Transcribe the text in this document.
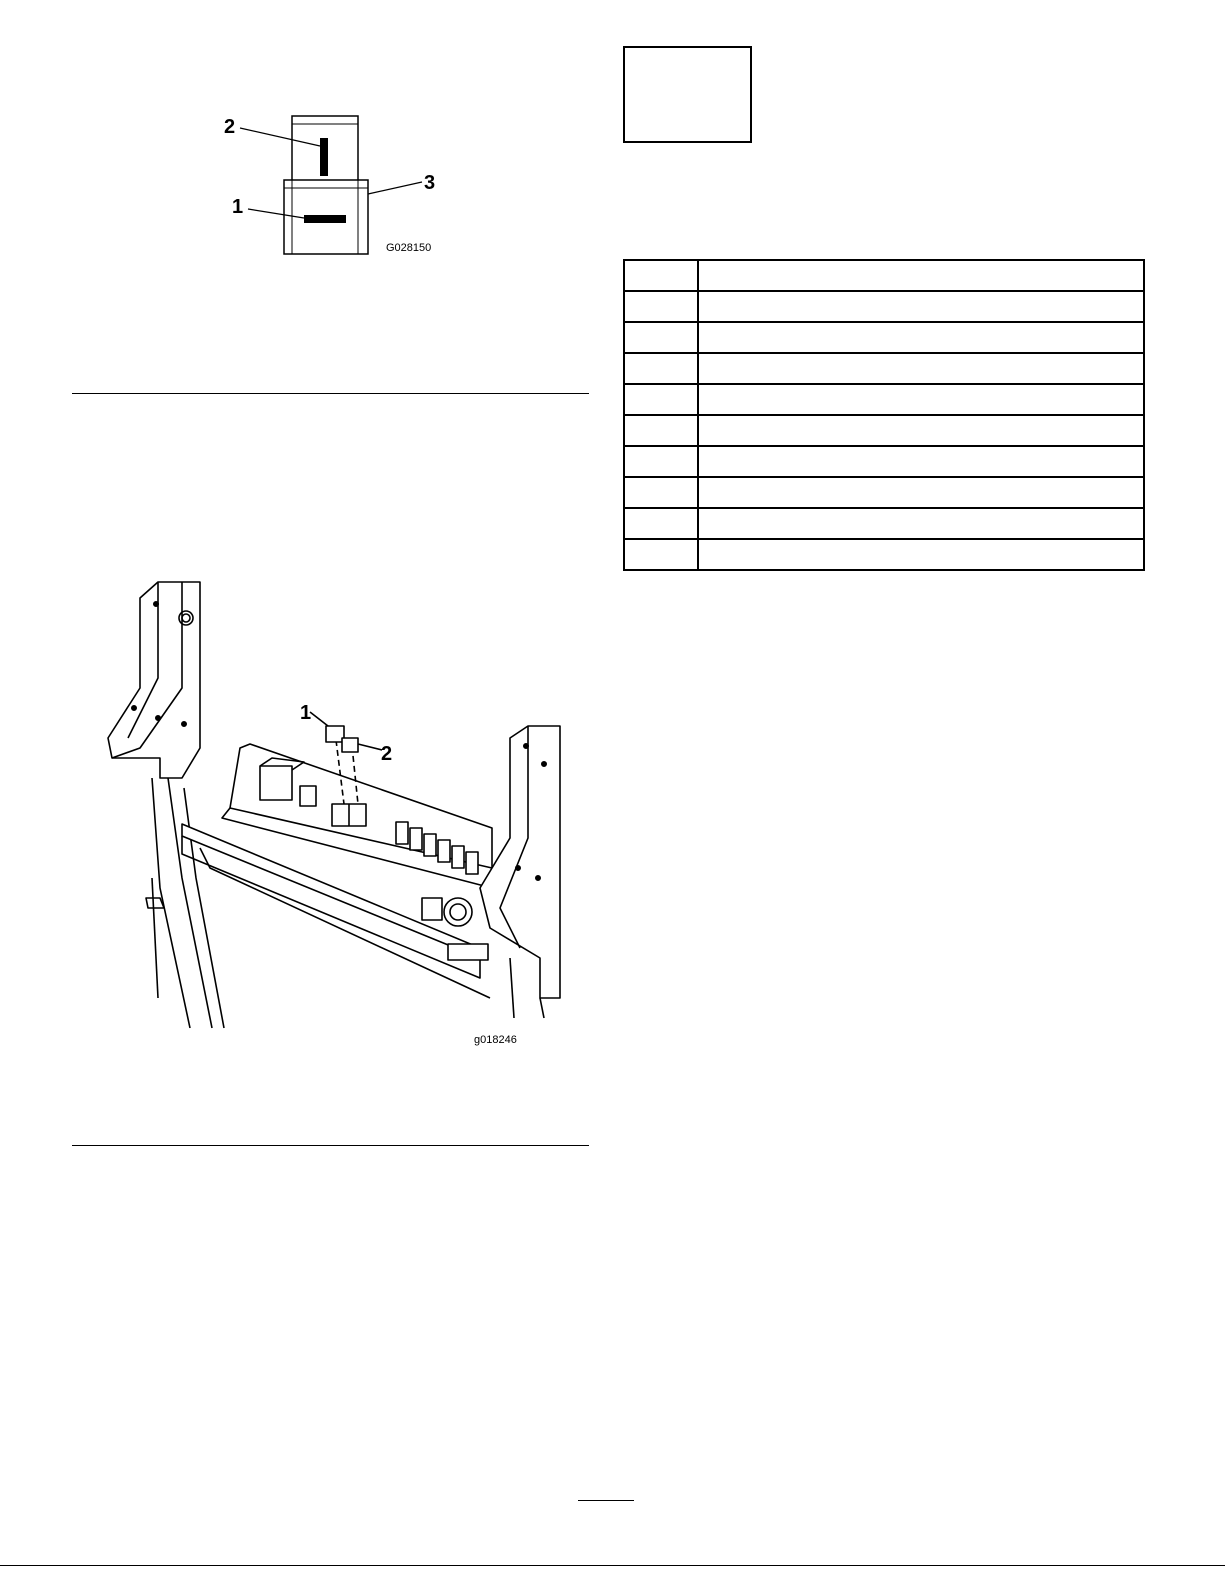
2
1
3
G028150
1
2
g018246
